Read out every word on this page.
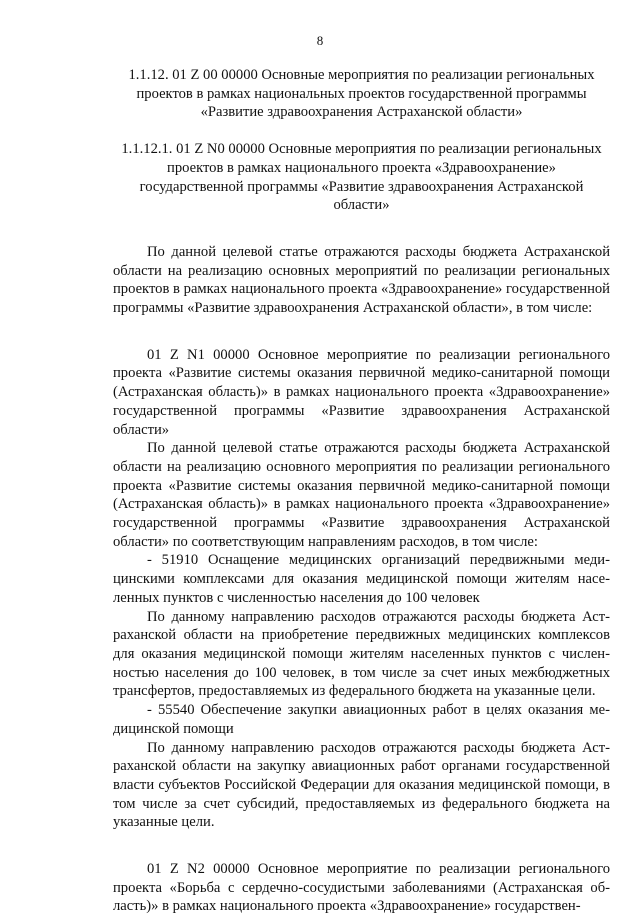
8

1.1.12. 01 Z 00 00000 Основные мероприятия по реализации региональных
проектов в рамках национальных проектов государственной программы
«Развитие здравоохранения Астраханской области»

1.1.12.1. 01 Z N0 00000 Основные мероприятия по реализации региональных
проектов в рамках национального проекта «Здравоохранение»
государственной программы «Развитие здравоохранения Астраханской
области»

По данной целевой статье отражаются расходы бюджета Астраханской области на реализацию основных мероприятий по реализации региональных проектов в рамках национального проекта «Здравоохранение» государственной программы «Развитие здравоохранения Астраханской области», в том числе:

01 Z N1 00000 Основное мероприятие по реализации регионального проекта «Развитие системы оказания первичной медико-санитарной помощи (Астраханская область)» в рамках национального проекта «Здравоохранение» государственной программы «Развитие здравоохранения Астраханской области»

По данной целевой статье отражаются расходы бюджета Астраханской области на реализацию основного мероприятия по реализации регионального проекта «Развитие системы оказания первичной медико-санитарной помощи (Астраханская область)» в рамках национального проекта «Здравоохранение» государственной программы «Развитие здравоохранения Астраханской области» по соответствующим направлениям расходов, в том числе:

- 51910 Оснащение медицинских организаций передвижными медицинскими комплексами для оказания медицинской помощи жителям населенных пунктов с численностью населения до 100 человек

По данному направлению расходов отражаются расходы бюджета Астраханской области на приобретение передвижных медицинских комплексов для оказания медицинской помощи жителям населенных пунктов с численностью населения до 100 человек, в том числе за счет иных межбюджетных трансфертов, предоставляемых из федерального бюджета на указанные цели.

- 55540 Обеспечение закупки авиационных работ в целях оказания медицинской помощи

По данному направлению расходов отражаются расходы бюджета Астраханской области на закупку авиационных работ органами государственной власти субъектов Российской Федерации для оказания медицинской помощи, в том числе за счет субсидий, предоставляемых из федерального бюджета на указанные цели.

01 Z N2 00000 Основное мероприятие по реализации регионального проекта «Борьба с сердечно-сосудистыми заболеваниями (Астраханская область)» в рамках национального проекта «Здравоохранение» государствен-
